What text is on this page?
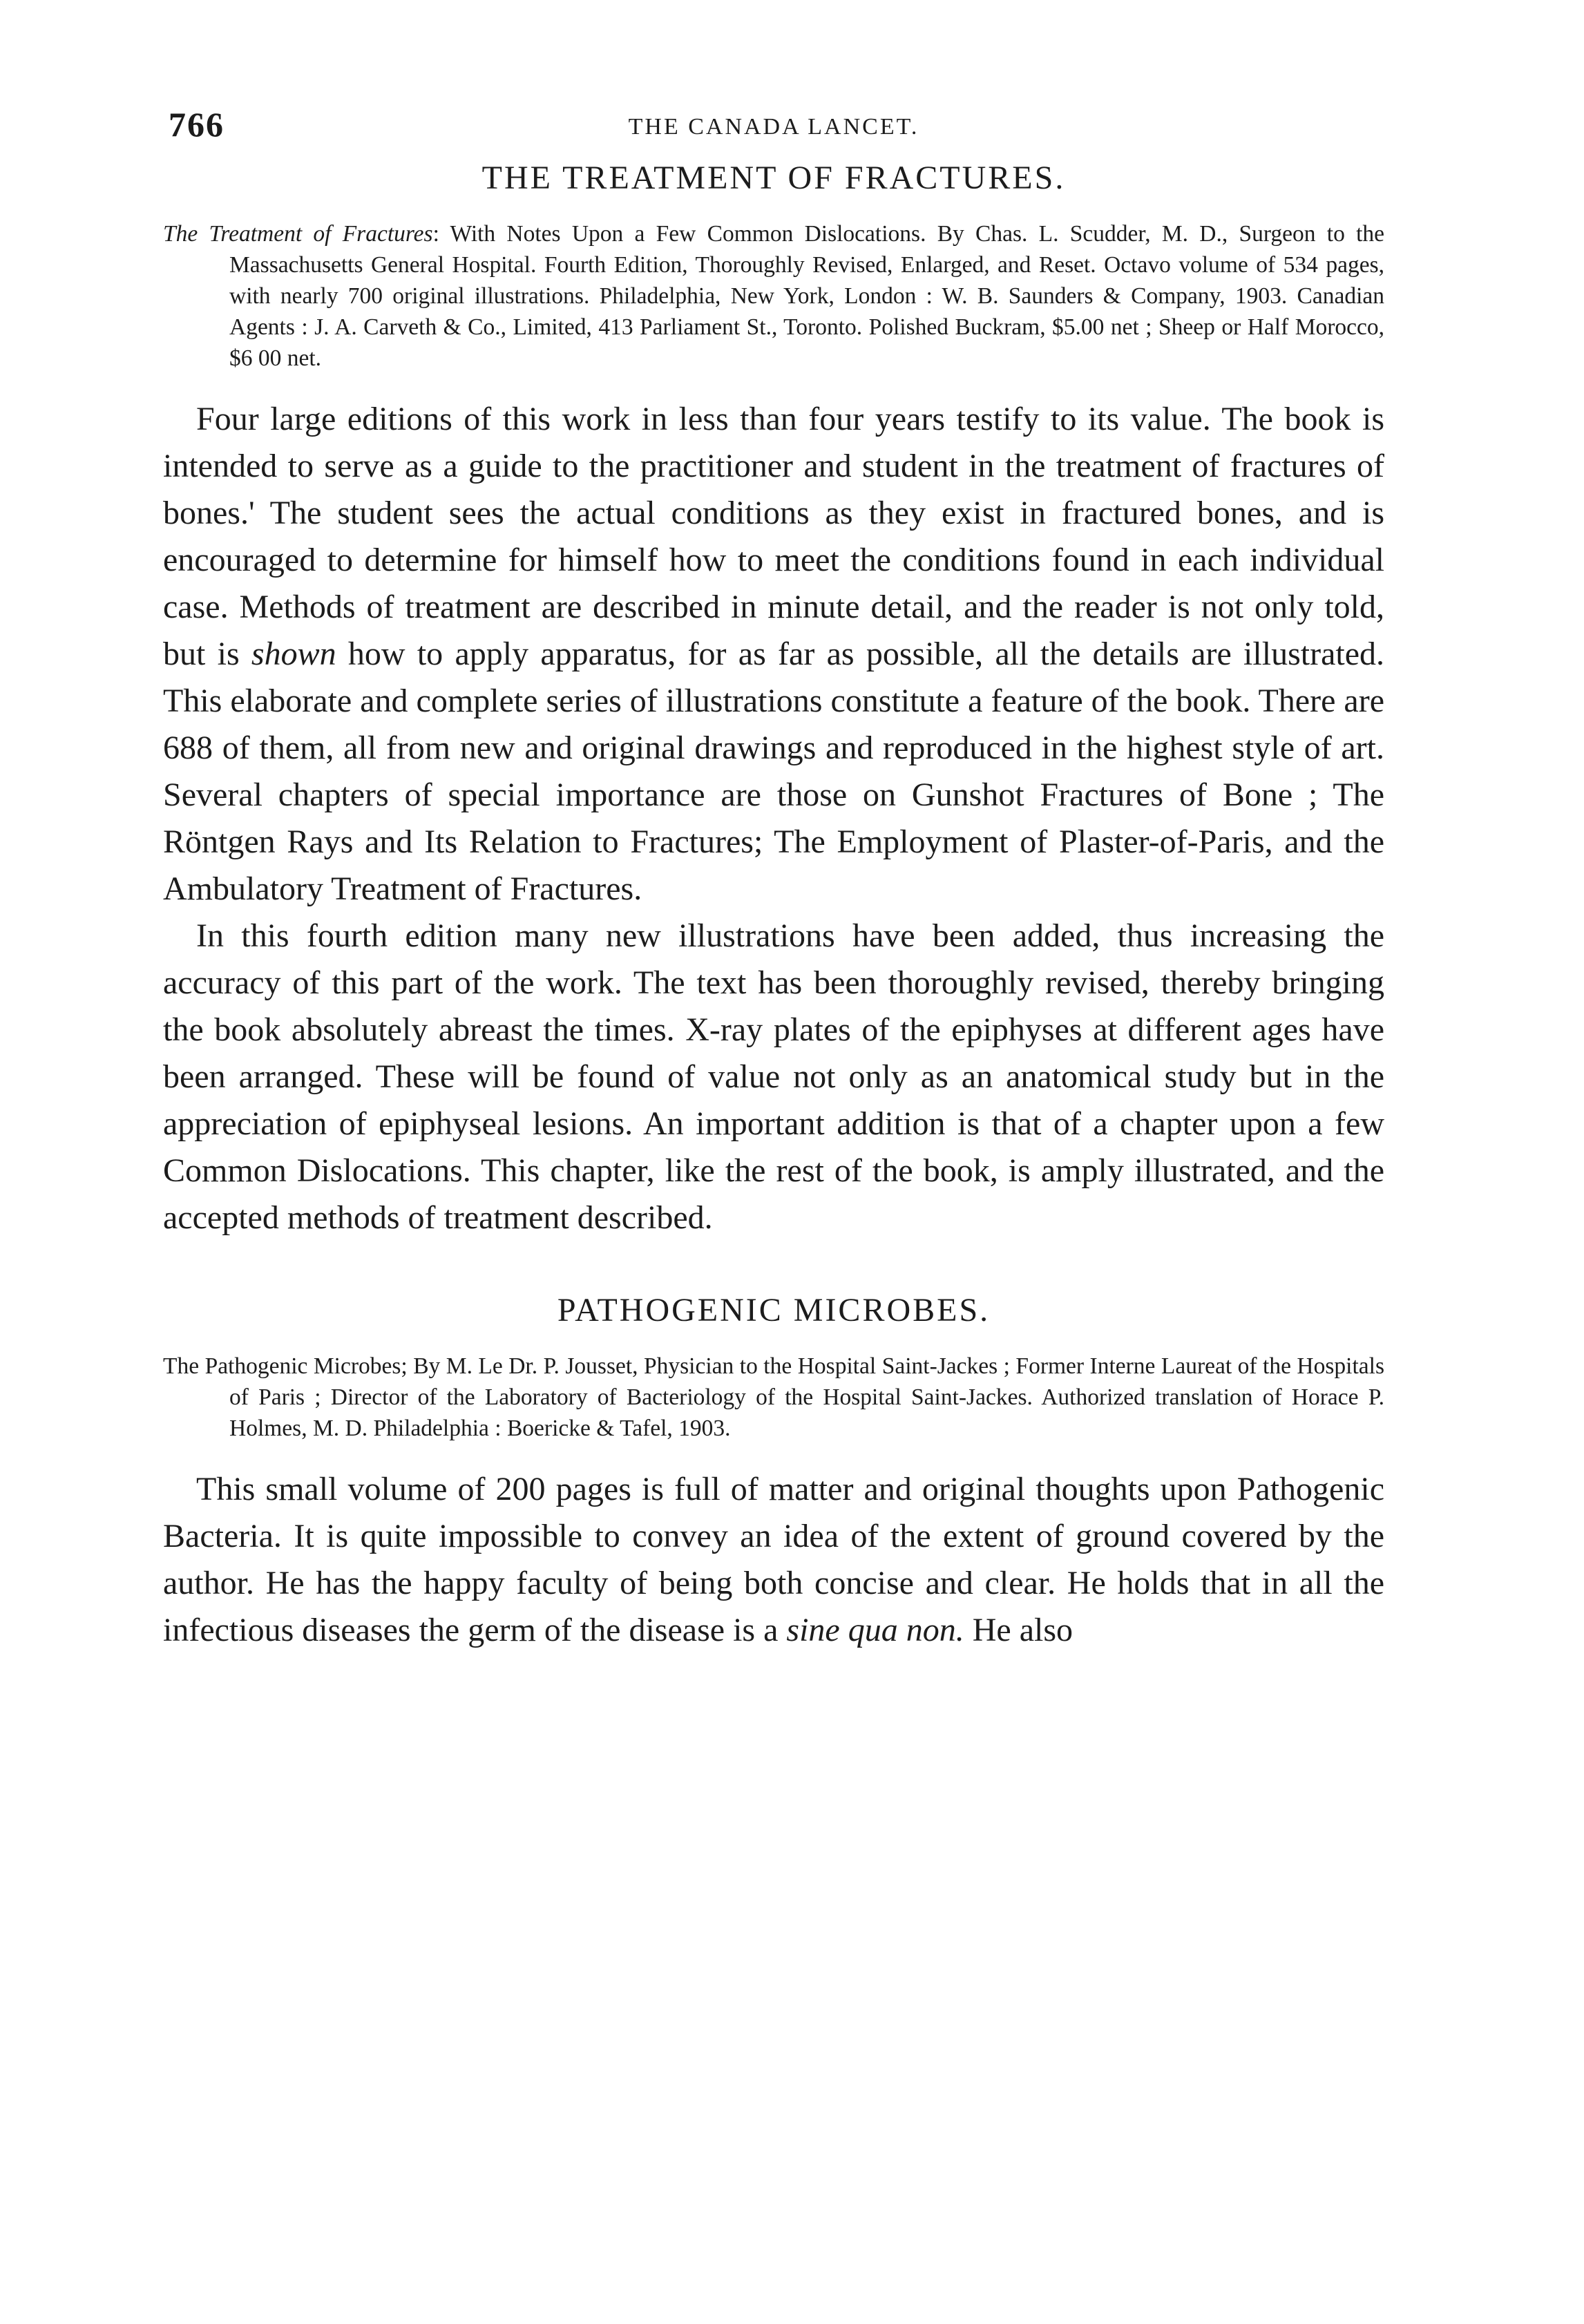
766	THE CANADA LANCET.
THE TREATMENT OF FRACTURES.

The Treatment of Fractures: With Notes Upon a Few Common Dislocations. By Chas. L. Scudder, M. D., Surgeon to the Massachusetts General Hospital. Fourth Edition, Thoroughly Revised, Enlarged, and Reset. Octavo volume of 534 pages, with nearly 700 original illustrations. Philadelphia, New York, London : W. B. Saunders & Company, 1903. Canadian Agents : J. A. Carveth & Co., Limited, 413 Parliament St., Toronto. Polished Buckram, $5.00 net ; Sheep or Half Morocco, $6 00 net.

Four large editions of this work in less than four years testify to its value. The book is intended to serve as a guide to the practitioner and student in the treatment of fractures of bones.' The student sees the actual conditions as they exist in fractured bones, and is encouraged to determine for himself how to meet the conditions found in each individual case. Methods of treatment are described in minute detail, and the reader is not only told, but is shown how to apply apparatus, for as far as possible, all the details are illustrated. This elaborate and complete series of illustrations constitute a feature of the book. There are 688 of them, all from new and original drawings and reproduced in the highest style of art. Several chapters of special importance are those on Gunshot Fractures of Bone ; The Röntgen Rays and Its Relation to Fractures; The Employment of Plaster-of-Paris, and the Ambulatory Treatment of Fractures.

In this fourth edition many new illustrations have been added, thus increasing the accuracy of this part of the work. The text has been thoroughly revised, thereby bringing the book absolutely abreast the times. X-ray plates of the epiphyses at different ages have been arranged. These will be found of value not only as an anatomical study but in the appreciation of epiphyseal lesions. An important addition is that of a chapter upon a few Common Dislocations. This chapter, like the rest of the book, is amply illustrated, and the accepted methods of treatment described.

PATHOGENIC MICROBES.

The Pathogenic Microbes; By M. Le Dr. P. Jousset, Physician to the Hospital Saint-Jackes ; Former Interne Laureat of the Hospitals of Paris ; Director of the Laboratory of Bacteriology of the Hospital Saint-Jackes. Authorized translation of Horace P. Holmes, M. D. Philadelphia : Boericke & Tafel, 1903.

This small volume of 200 pages is full of matter and original thoughts upon Pathogenic Bacteria. It is quite impossible to convey an idea of the extent of ground covered by the author. He has the happy faculty of being both concise and clear. He holds that in all the infectious diseases the germ of the disease is a sine qua non. He also
